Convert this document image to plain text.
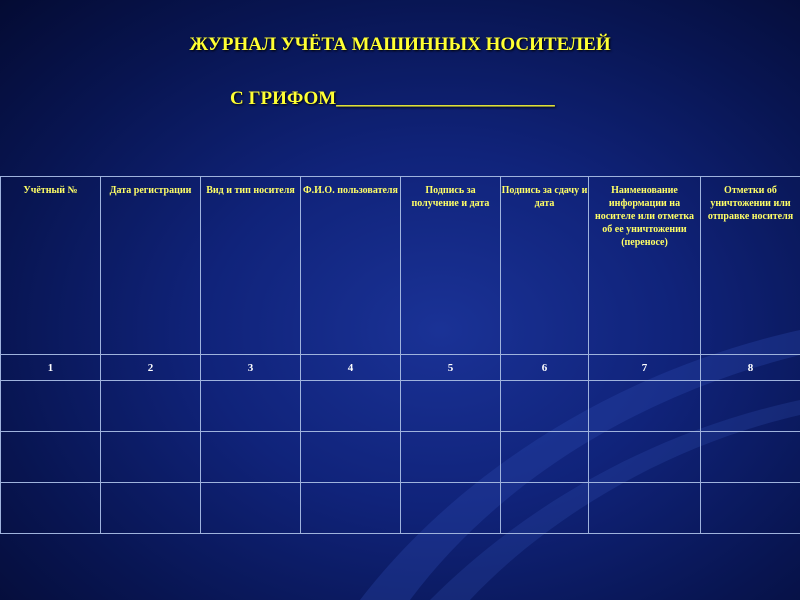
ЖУРНАЛ УЧЁТА МАШИННЫХ НОСИТЕЛЕЙ

С ГРИФОМ_______________________

Учётный №	Дата регистрации	Вид и тип носителя	Ф.И.О. пользователя	Подпись за получение и дата	Подпись за сдачу и дата	Наименование информации на носителе или отметка об ее уничтожении (переносе)	Отметки об уничтожении или отправке носителя
1	2	3	4	5	6	7	8
